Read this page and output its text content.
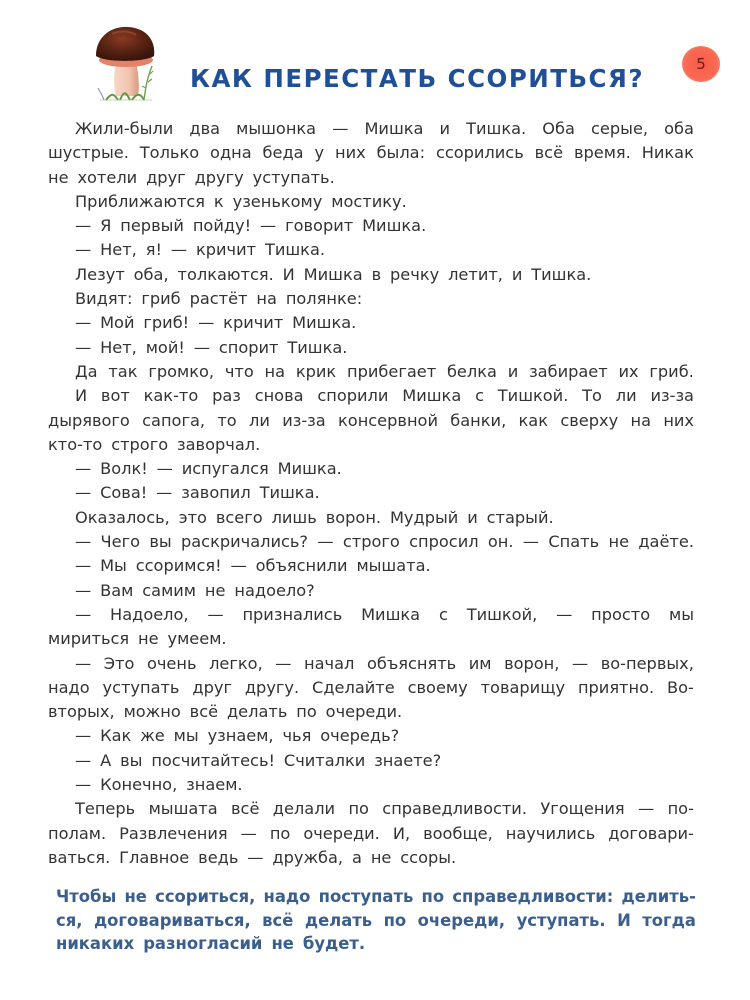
КАК ПЕРЕСТАТЬ ССОРИТЬСЯ?	5
Жили-были два мышонка — Мишка и Тишка. Оба серые, оба
шустрые. Только одна беда у них была: ссорились всё время. Никак
не хотели друг другу уступать.
Приближаются к узенькому мостику.
— Я первый пойду! — говорит Мишка.
— Нет, я! — кричит Тишка.
Лезут оба, толкаются. И Мишка в речку летит, и Тишка.
Видят: гриб растёт на полянке:
— Мой гриб! — кричит Мишка.
— Нет, мой! — спорит Тишка.
Да так громко, что на крик прибегает белка и забирает их гриб.
И вот как-то раз снова спорили Мишка с Тишкой. То ли из-за
дырявого сапога, то ли из-за консервной банки, как сверху на них
кто-то строго заворчал.
— Волк! — испугался Мишка.
— Сова! — завопил Тишка.
Оказалось, это всего лишь ворон. Мудрый и старый.
— Чего вы раскричались? — строго спросил он. — Спать не даёте.
— Мы ссоримся! — объяснили мышата.
— Вам самим не надоело?
— Надоело, — признались Мишка с Тишкой, — просто мы
мириться не умеем.
— Это очень легко, — начал объяснять им ворон, — во-первых,
надо уступать друг другу. Сделайте своему товарищу приятно. Во-
вторых, можно всё делать по очереди.
— Как же мы узнаем, чья очередь?
— А вы посчитайтесь! Считалки знаете?
— Конечно, знаем.
Теперь мышата всё делали по справедливости. Угощения — по-
полам. Развлечения — по очереди. И, вообще, научились договари-
ваться. Главное ведь — дружба, а не ссоры.
Чтобы не ссориться, надо поступать по справедливости: делить-
ся, договариваться, всё делать по очереди, уступать. И тогда
никаких разногласий не будет.
